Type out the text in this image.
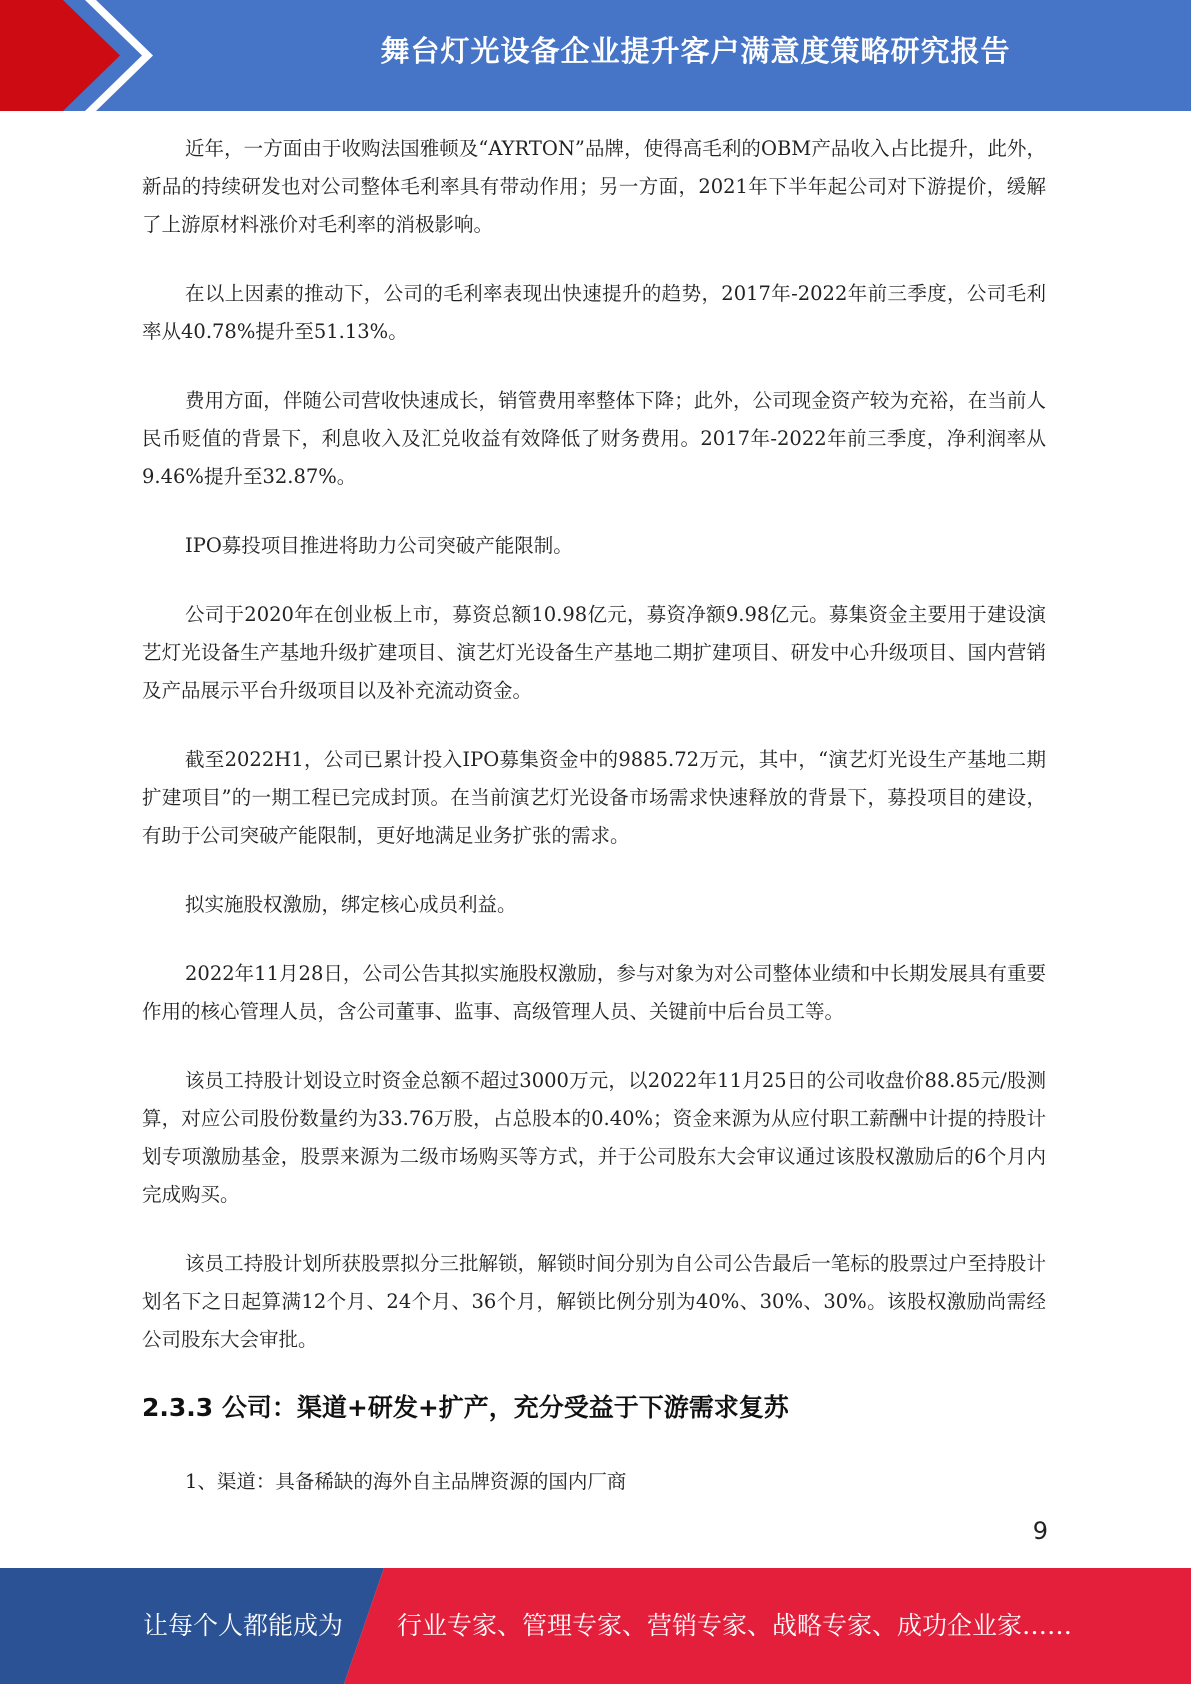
舞台灯光设备企业提升客户满意度策略研究报告

近年，一方面由于收购法国雅顿及“AYRTON”品牌，使得高毛利的OBM产品收入占比提升，此外，新品的持续研发也对公司整体毛利率具有带动作用；另一方面，2021年下半年起公司对下游提价，缓解了上游原材料涨价对毛利率的消极影响。

在以上因素的推动下，公司的毛利率表现出快速提升的趋势，2017年-2022年前三季度，公司毛利率从40.78%提升至51.13%。

费用方面，伴随公司营收快速成长，销管费用率整体下降；此外，公司现金资产较为充裕，在当前人民币贬值的背景下，利息收入及汇兑收益有效降低了财务费用。2017年-2022年前三季度，净利润率从9.46%提升至32.87%。

IPO募投项目推进将助力公司突破产能限制。

公司于2020年在创业板上市，募资总额10.98亿元，募资净额9.98亿元。募集资金主要用于建设演艺灯光设备生产基地升级扩建项目、演艺灯光设备生产基地二期扩建项目、研发中心升级项目、国内营销及产品展示平台升级项目以及补充流动资金。

截至2022H1，公司已累计投入IPO募集资金中的9885.72万元，其中，“演艺灯光设生产基地二期扩建项目”的一期工程已完成封顶。在当前演艺灯光设备市场需求快速释放的背景下，募投项目的建设，有助于公司突破产能限制，更好地满足业务扩张的需求。

拟实施股权激励，绑定核心成员利益。

2022年11月28日，公司公告其拟实施股权激励，参与对象为对公司整体业绩和中长期发展具有重要作用的核心管理人员，含公司董事、监事、高级管理人员、关键前中后台员工等。

该员工持股计划设立时资金总额不超过3000万元，以2022年11月25日的公司收盘价88.85元/股测算，对应公司股份数量约为33.76万股，占总股本的0.40%；资金来源为从应付职工薪酬中计提的持股计划专项激励基金，股票来源为二级市场购买等方式，并于公司股东大会审议通过该股权激励后的6个月内完成购买。

该员工持股计划所获股票拟分三批解锁，解锁时间分别为自公司公告最后一笔标的股票过户至持股计划名下之日起算满12个月、24个月、36个月，解锁比例分别为40%、30%、30%。该股权激励尚需经公司股东大会审批。

2.3.3 公司：渠道+研发+扩产，充分受益于下游需求复苏

1、渠道：具备稀缺的海外自主品牌资源的国内厂商

9
让每个人都能成为 行业专家、管理专家、营销专家、战略专家、成功企业家……
